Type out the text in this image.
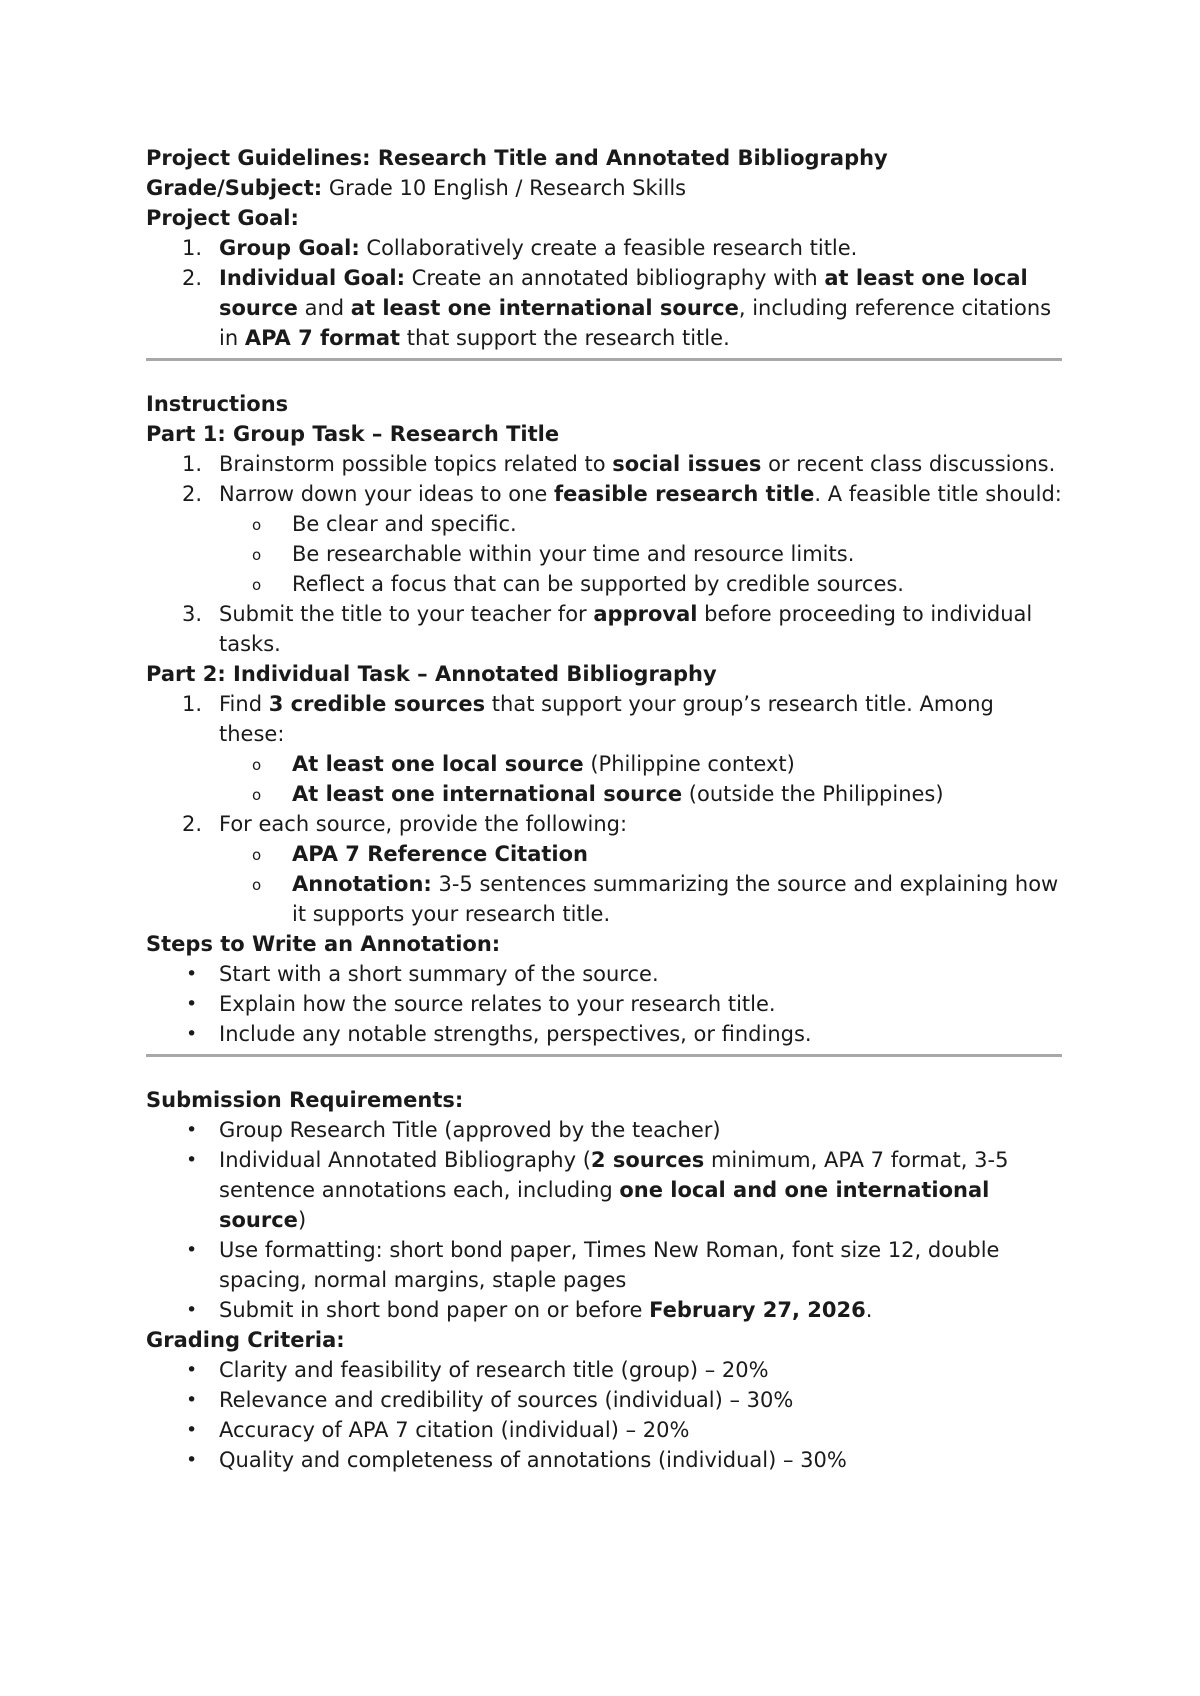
Project Guidelines: Research Title and Annotated Bibliography

Grade/Subject: Grade 10 English / Research Skills

Project Goal:

1. Group Goal: Collaboratively create a feasible research title.
2. Individual Goal: Create an annotated bibliography with at least one local source and at least one international source, including reference citations in APA 7 format that support the research title.

Instructions

Part 1: Group Task – Research Title

1. Brainstorm possible topics related to social issues or recent class discussions.
2. Narrow down your ideas to one feasible research title. A feasible title should:
o Be clear and specific.
o Be researchable within your time and resource limits.
o Reflect a focus that can be supported by credible sources.
3. Submit the title to your teacher for approval before proceeding to individual tasks.

Part 2: Individual Task – Annotated Bibliography

1. Find 3 credible sources that support your group’s research title. Among these:
o At least one local source (Philippine context)
o At least one international source (outside the Philippines)
2. For each source, provide the following:
o APA 7 Reference Citation
o Annotation: 3-5 sentences summarizing the source and explaining how it supports your research title.

Steps to Write an Annotation:

• Start with a short summary of the source.
• Explain how the source relates to your research title.
• Include any notable strengths, perspectives, or findings.

Submission Requirements:

• Group Research Title (approved by the teacher)
• Individual Annotated Bibliography (2 sources minimum, APA 7 format, 3-5 sentence annotations each, including one local and one international source)
• Use formatting: short bond paper, Times New Roman, font size 12, double spacing, normal margins, staple pages
• Submit in short bond paper on or before February 27, 2026.

Grading Criteria:

• Clarity and feasibility of research title (group) – 20%
• Relevance and credibility of sources (individual) – 30%
• Accuracy of APA 7 citation (individual) – 20%
• Quality and completeness of annotations (individual) – 30%
